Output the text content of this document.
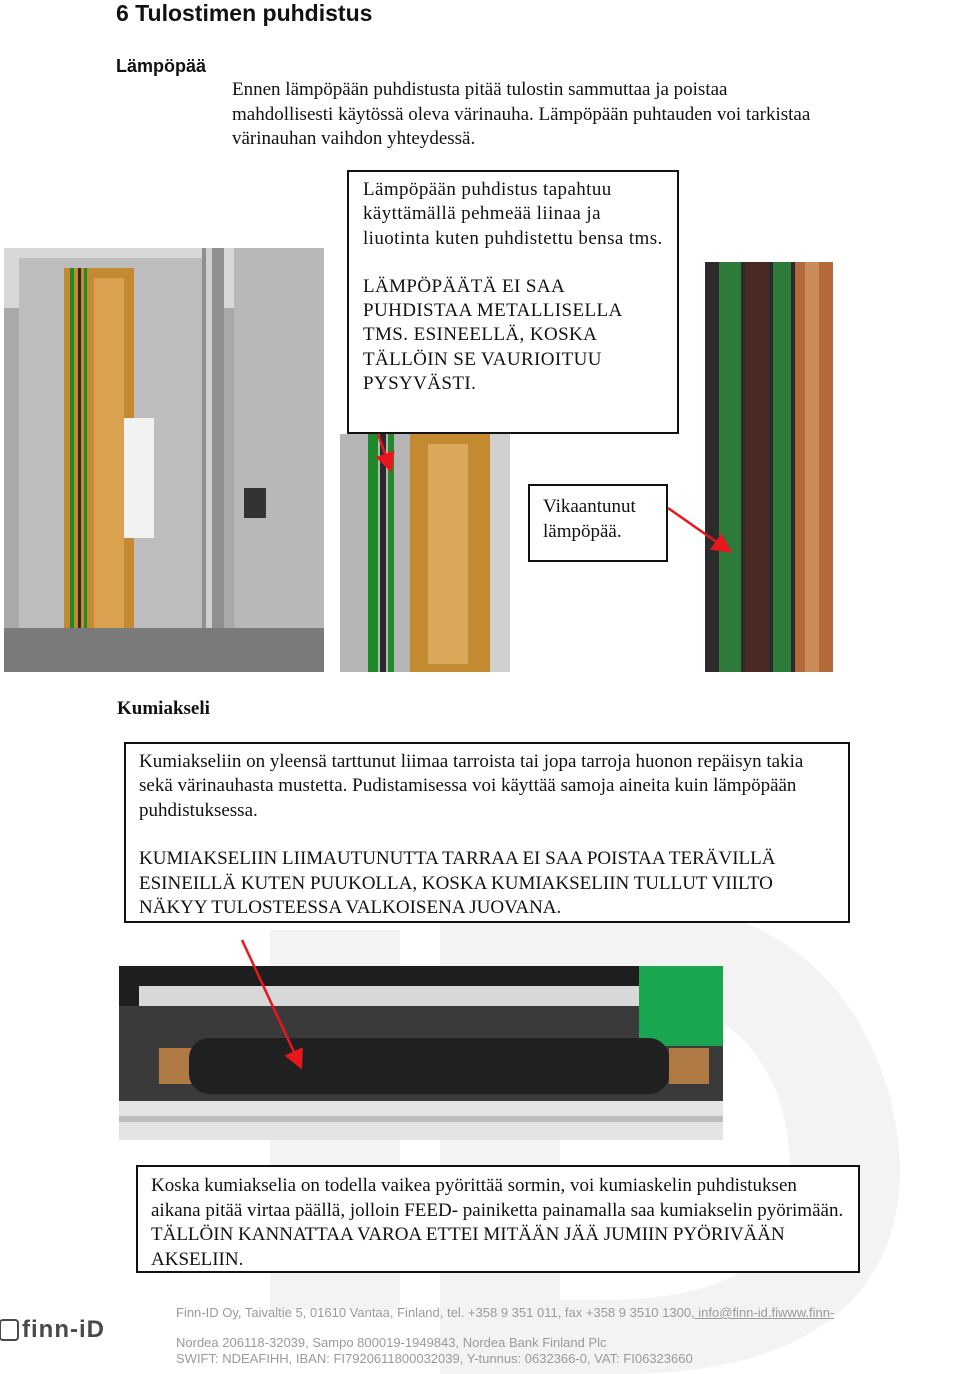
6 Tulostimen puhdistus
Lämpöpää
Ennen lämpöpään puhdistusta pitää tulostin sammuttaa ja poistaa mahdollisesti käytössä oleva värinauha. Lämpöpään puhtauden voi tarkistaa värinauhan vaihdon yhteydessä.

Lämpöpään puhdistus tapahtuu käyttämällä pehmeää liinaa ja liuotinta kuten puhdistettu bensa tms.

LÄMPÖPÄÄTÄ EI SAA PUHDISTAA METALLISELLA TMS. ESINEELLÄ, KOSKA TÄLLÖIN SE VAURIOITUU PYSYVÄSTI.

Vikaantunut lämpöpää.

Kumiakseli

Kumiakseliin on yleensä tarttunut liimaa tarroista tai jopa tarroja huonon repäisyn takia sekä värinauhasta mustetta. Pudistamisessa voi käyttää samoja aineita kuin lämpöpään puhdistuksessa.

KUMIAKSELIIN LIIMAUTUNUTTA TARRAA EI SAA POISTAA TERÄVILLÄ ESINEILLÄ KUTEN PUUKOLLA, KOSKA KUMIAKSELIIN TULLUT VIILTO NÄKYY TULOSTEESSA VALKOISENA JUOVANA.

Koska kumiakselia on todella vaikea pyörittää sormin, voi kumiaskelin puhdistuksen aikana pitää virtaa päällä, jolloin FEED- painiketta painamalla saa kumiakselin pyörimään. TÄLLÖIN KANNATTAA VAROA ETTEI MITÄÄN JÄÄ JUMIIN PYÖRIVÄÄN AKSELIIN.

finn-iD
Finn-ID Oy, Taivaltie 5, 01610 Vantaa, Finland, tel. +358 9 351 011, fax +358 9 3510 1300, info@finn-id.fiwww.finn-
Nordea 206118-32039, Sampo 800019-1949843, Nordea Bank Finland Plc
SWIFT: NDEAFIHH, IBAN: FI7920611800032039, Y-tunnus: 0632366-0, VAT: FI06323660
